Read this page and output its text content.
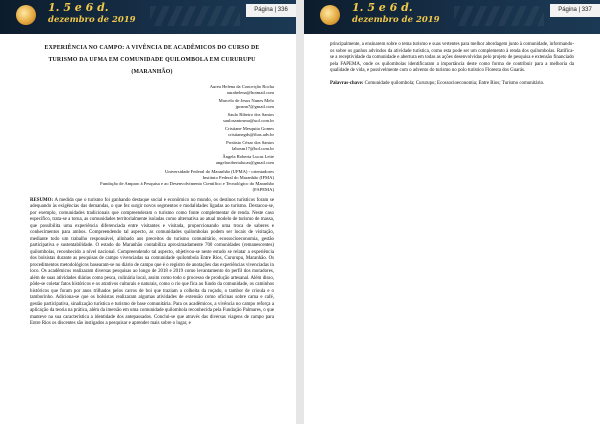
1. 5 e 6 d.
dezembro de 2019
Página | 336
EXPERIÊNCIA NO CAMPO: A VIVÊNCIA DE ACADÊMICOS DO CURSO DE
TURISMO DA UFMA EM COMUNIDADE QUILOMBOLA EM CURURUPU
(MARANHÃO)
Aurea Helena da Conceição Rocha
aurahelena@hotmail.com
Marcelo de Jesus Nunes Melo
jpcnnn7@gmail.com
Saulo Ribeiro dos Santos
saulosantosma@uol.com.br
Cristiane Mesquita Gomes
cristianegds@ibas.adv.br
Protásio Cézar dos Santos
labosm17@bol.com.br
Ângela Roberta Lucas Leite
angelarobertalucas@gmail.com
Universidade Federal do Maranhão (UFMA) - orientadores
Instituto Federal do Maranhão (IFMA)
Fundação de Amparo à Pesquisa e ao Desenvolvimento Científico e Tecnológico do Maranhão
(FAPEMA)

RESUMO: A medida que o turismo foi ganhando destaque social e econômico no mundo, os destinos turísticos foram se adequando às exigências das demandas, o que fez surgir novos segmentos e modalidades ligadas ao turismo. Destacou-se, por exemplo, comunidades tradicionais que compreenderam o turismo como fonte complementar de renda. Neste caso específico, trata-se a torna, as comunidades territorialmente isoladas como alternativa ao atual modelo de turismo de massa, que possibilita uma experiência diferenciada entre visitantes e visitada, proporcionando uma troca de saberes e conhecimentos para ambos. Compreendendo tal aspecto, as comunidades quilombolas podem ser locais de visitação, mediante todo um trabalho responsável, alinhado aos preceitos do turismo comunitário, ecossocioeconomia, gestão participativa e sustentabilidade. O estado do Maranhão contabiliza aproximadamente 700 comunidades (remanescentes) quilombolas, reconhecido a nível nacional. Compreendendo tal aspecto, objetivou-se neste estudo se relatar a experiência dos bolsistas durante as pesquisas de campo vivenciadas na comunidade quilombola Entre Rios, Cururupu, Maranhão. Os procedimentos metodológicos basearam-se no diário de campo que é o registro de anotações das experiências vivenciadas in loco. Os acadêmicos realizaram diversas pesquisas ao longo de 2018 e 2019 como levantamento do perfil dos moradores, além de suas atividades diárias como pesca, culinária local, assim como todo o processo de produção artesanal. Além disso, pôde-se coletar fatos históricos e os atrativos culturais e naturais, como o rio que fica ao fundo da comunidade, os caminhos históricos que foram por anos trilhados pelos carros de boi que traziam a colheita da roçado, o tambor de crioula e o tamborinho. Adiciona-se que os bolsistas realizaram algumas atividades de extensão como oficinas sobre cama e café, gestão participativa, sinalização turística e turismo de base comunitária. Para os acadêmicos, a vivência no campo reforça a aplicação da teoria na prática, além da imersão em uma comunidade quilombola reconhecida pela Fundação Palmares, o que manteve na sua característica a identidade dos antepassados. Conclui-se que através das diversas viagens de campo para Entre Rios os discentes são instigados a pesquisar e aprender mais sobre o lugar, e

1. 5 e 6 d.
dezembro de 2019
Página | 337

principalmente, a ensinarem sobre o tema turismo e suas vertentes para melhor abordagem junto à comunidade, informando-os sobre os ganhos advindos da atividade turística, como esta pode ser um complemento à renda dos quilombolas. Ratifica-se a receptividade da comunidade e abertura em todas as ações desenvolvidas pelo projeto de pesquisa e extensão financiado pela FAPEMA, onde os quilombolas identificaram a importância deste como forma de contribuir para a melhoria da qualidade de vida, e possivelmente com o advento do turismo no polo turístico Floresta dos Guarás.

Palavras-chave: Comunidade quilombola; Cururupu; Ecossocioeconomia; Entre Rios; Turismo comunitário.
